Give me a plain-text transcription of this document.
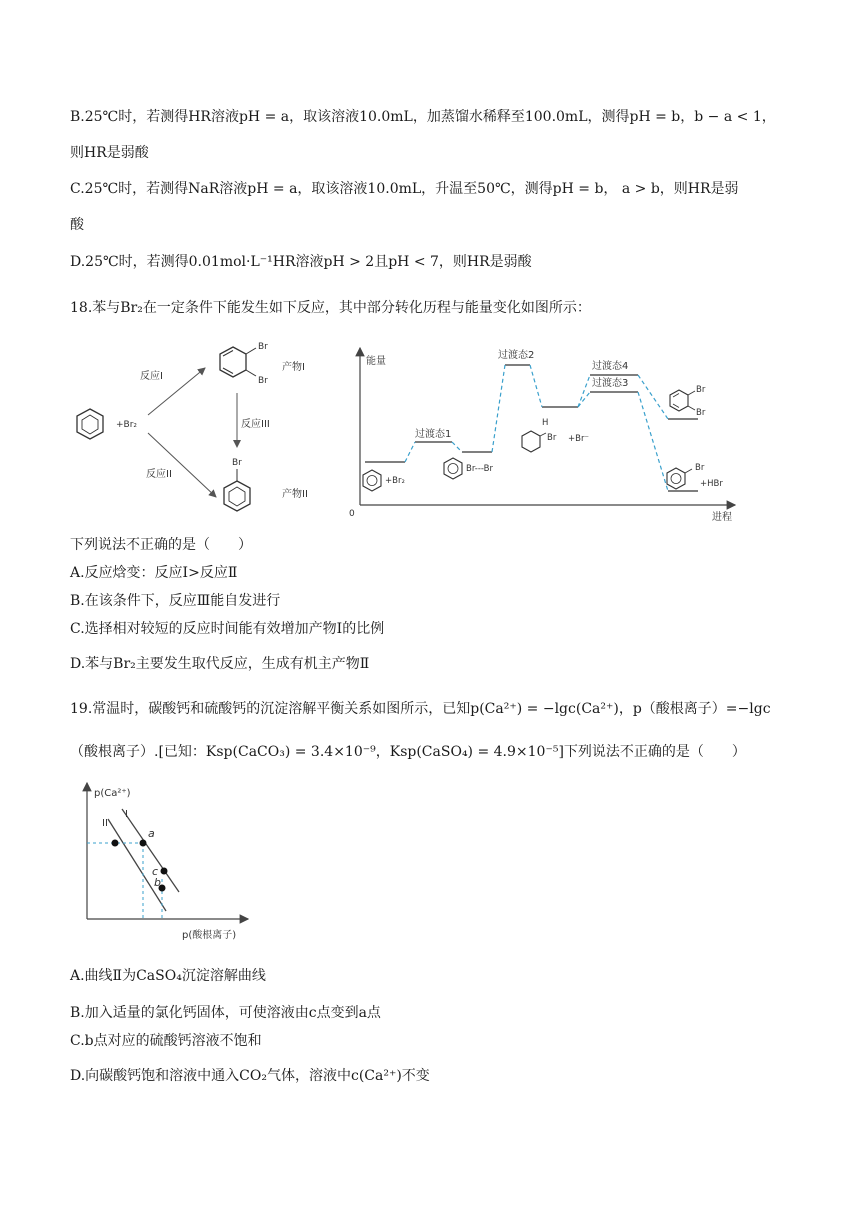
B.25℃时，若测得HR溶液pH = a，取该溶液10.0mL，加蒸馏水稀释至100.0mL，测得pH = b，b − a < 1，
则HR是弱酸
C.25℃时，若测得NaR溶液pH = a，取该溶液10.0mL，升温至50℃，测得pH = b， a > b，则HR是弱
酸
D.25℃时，若测得0.01mol·L⁻¹HR溶液pH > 2且pH < 7，则HR是弱酸
18.苯与Br₂在一定条件下能发生如下反应，其中部分转化历程与能量变化如图所示：
+Br₂
反应I
反应II
反应III
Br
Br
产物I
Br
产物II
能量
进程
0
过渡态1
过渡态2
过渡态4
过渡态3
+Br₂
Br---Br
H
Br +Br⁻
Br
Br
Br
+HBr
下列说法不正确的是（　　）
A.反应焓变：反应Ⅰ>反应Ⅱ
B.在该条件下，反应Ⅲ能自发进行
C.选择相对较短的反应时间能有效增加产物Ⅰ的比例
D.苯与Br₂主要发生取代反应，生成有机主产物Ⅱ
19.常温时，碳酸钙和硫酸钙的沉淀溶解平衡关系如图所示，已知p(Ca²⁺) = −lgc(Ca²⁺)，p（酸根离子）=−lgc
（酸根离子）.[已知：Ksp(CaCO₃) = 3.4×10⁻⁹，Ksp(CaSO₄) = 4.9×10⁻⁵]下列说法不正确的是（　　）
p(Ca²⁺)
p(酸根离子)
II
I
a
c
b
A.曲线Ⅱ为CaSO₄沉淀溶解曲线
B.加入适量的氯化钙固体，可使溶液由c点变到a点
C.b点对应的硫酸钙溶液不饱和
D.向碳酸钙饱和溶液中通入CO₂气体，溶液中c(Ca²⁺)不变
